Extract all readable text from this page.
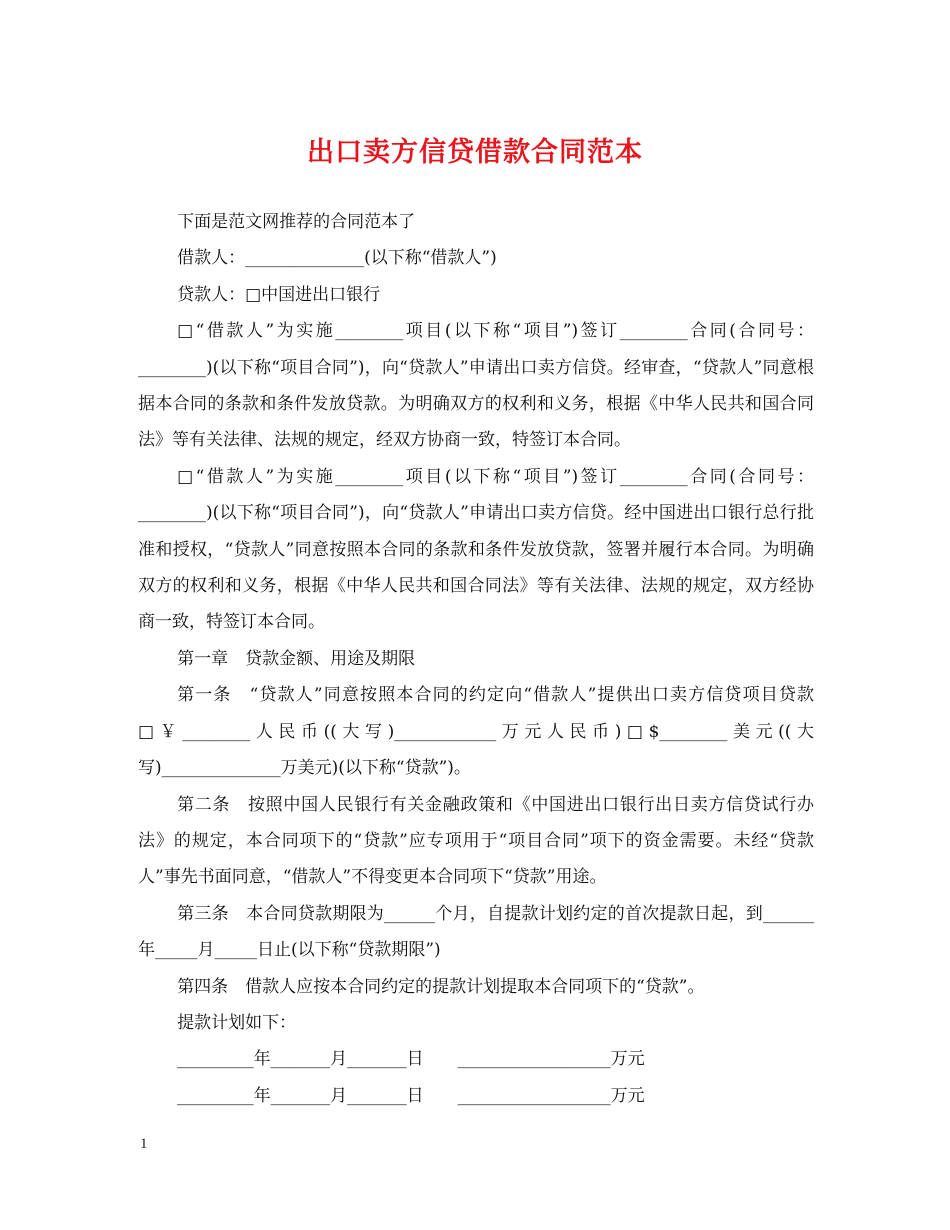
出口卖方信贷借款合同范本

下面是范文网推荐的合同范本了

借款人：______________(以下称“借款人”)

贷款人：□中国进出口银行

□“借款人”为实施________项目(以下称“项目”)签订________合同(合同号：________)(以下称“项目合同”)，向“贷款人”申请出口卖方信贷。经审查，“贷款人”同意根据本合同的条款和条件发放贷款。为明确双方的权利和义务，根据《中华人民共和国合同法》等有关法律、法规的规定，经双方协商一致，特签订本合同。

□“借款人”为实施________项目(以下称“项目”)签订________合同(合同号：________)(以下称“项目合同”)，向“贷款人”申请出口卖方信贷。经中国进出口银行总行批准和授权，“贷款人”同意按照本合同的条款和条件发放贷款，签署并履行本合同。为明确双方的权利和义务，根据《中华人民共和国合同法》等有关法律、法规的规定，双方经协商一致，特签订本合同。

第一章　贷款金额、用途及期限

第一条　“贷款人”同意按照本合同的约定向“借款人”提供出口卖方信贷项目贷款□￥________人民币((大写)____________万元人民币)□$________美元((大写)______________万美元)(以下称“贷款”)。

第二条　按照中国人民银行有关金融政策和《中国进出口银行出日卖方信贷试行办法》的规定，本合同项下的“贷款”应专项用于“项目合同”项下的资金需要。未经“贷款人”事先书面同意，“借款人”不得变更本合同项下“贷款”用途。

第三条　本合同贷款期限为______个月，自提款计划约定的首次提款日起，到______年_____月_____日止(以下称“贷款期限”)

第四条　借款人应按本合同约定的提款计划提取本合同项下的“贷款”。

提款计划如下：

_________年_______月_______日　　__________________万元

_________年_______月_______日　　__________________万元

1
